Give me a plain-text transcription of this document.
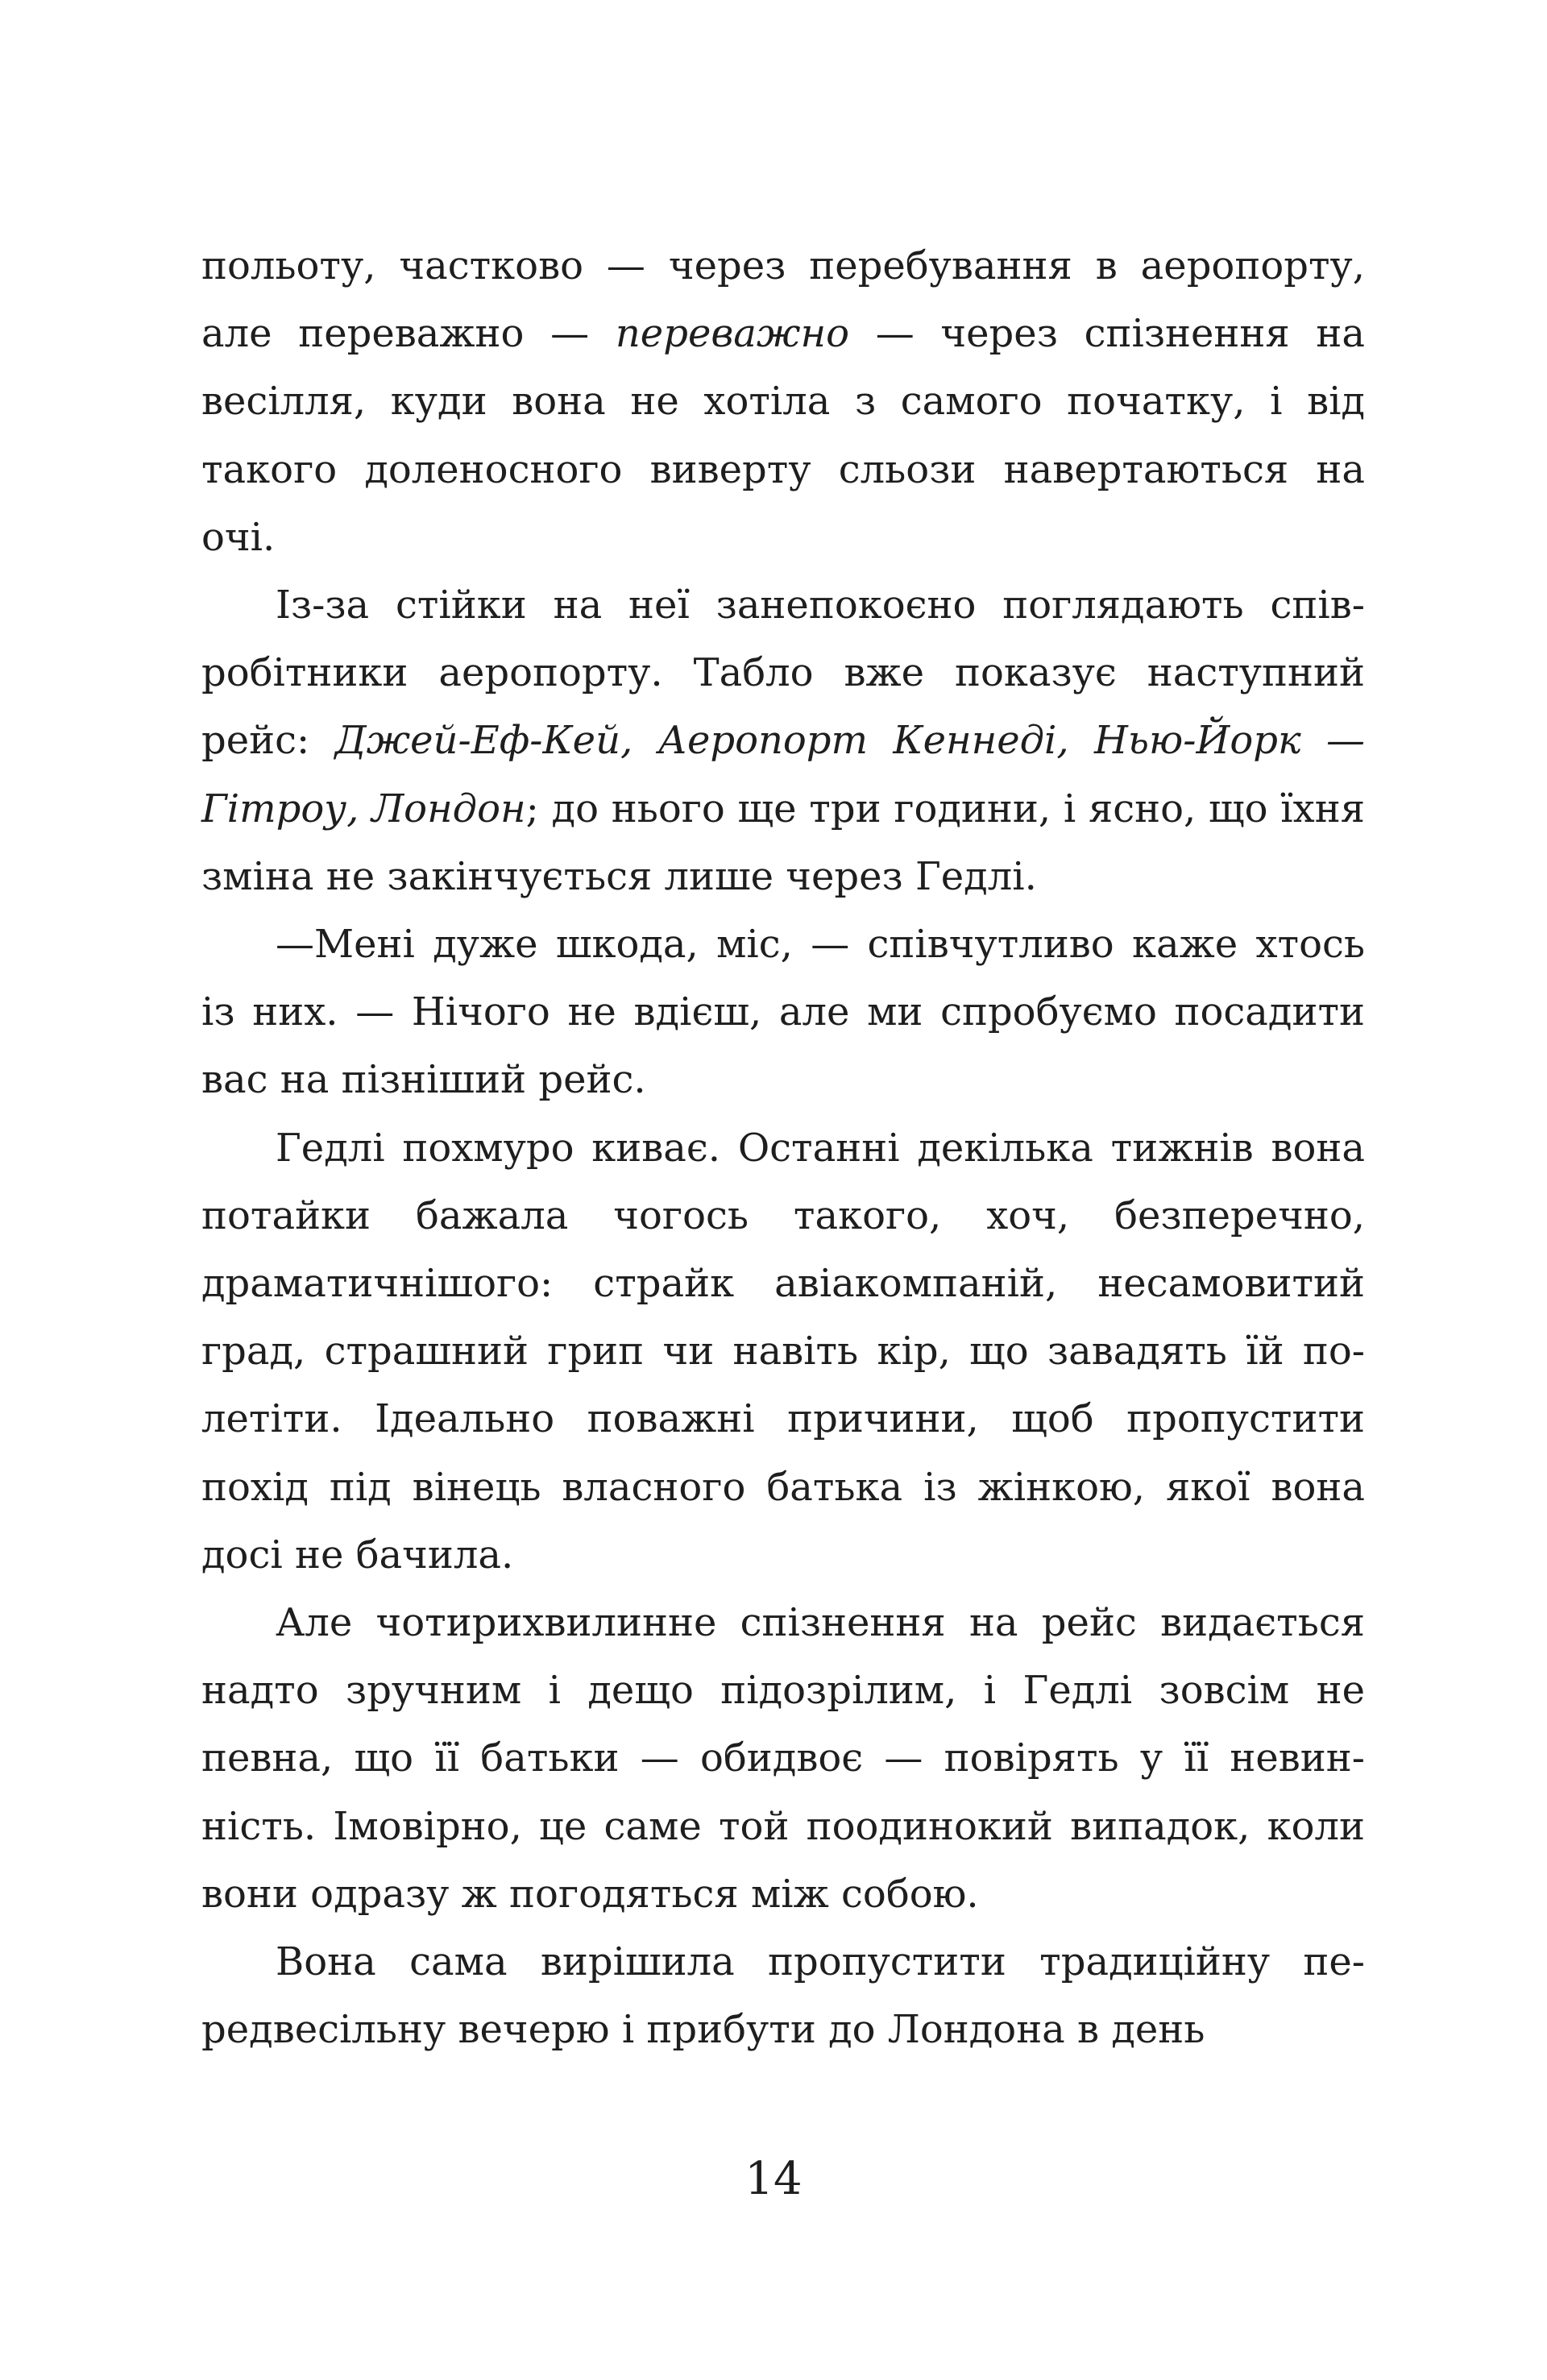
польоту, частково — через перебування в аеропорту, але переважно — переважно — через спізнення на весілля, куди вона не хотіла з самого початку, і від такого доленосного виверту сльози навертаються на очі.

Із-за стійки на неї занепокоєно поглядають співробітники аеропорту. Табло вже показує наступний рейс: Джей-Еф-Кей, Аеропорт Кеннеді, Нью-Йорк — Гітроу, Лондон; до нього ще три години, і ясно, що їхня зміна не закінчується лише через Гедлі.

—Мені дуже шкода, міс, — співчутливо каже хтось із них. — Нічого не вдієш, але ми спробуємо посадити вас на пізніший рейс.

Гедлі похмуро киває. Останні декілька тижнів вона потайки бажала чогось такого, хоч, безперечно, драматичнішого: страйк авіакомпаній, несамовитий град, страшний грип чи навіть кір, що завадять їй полетіти. Ідеально поважні причини, щоб пропустити похід під вінець власного батька із жінкою, якої вона досі не бачила.

Але чотирихвилинне спізнення на рейс видається надто зручним і дещо підозрілим, і Гедлі зовсім не певна, що її батьки — обидвоє — повірять у її невинність. Імовірно, це саме той поодинокий випадок, коли вони одразу ж погодяться між собою.

Вона сама вирішила пропустити традиційну передвесільну вечерю і прибути до Лондона в день

14
